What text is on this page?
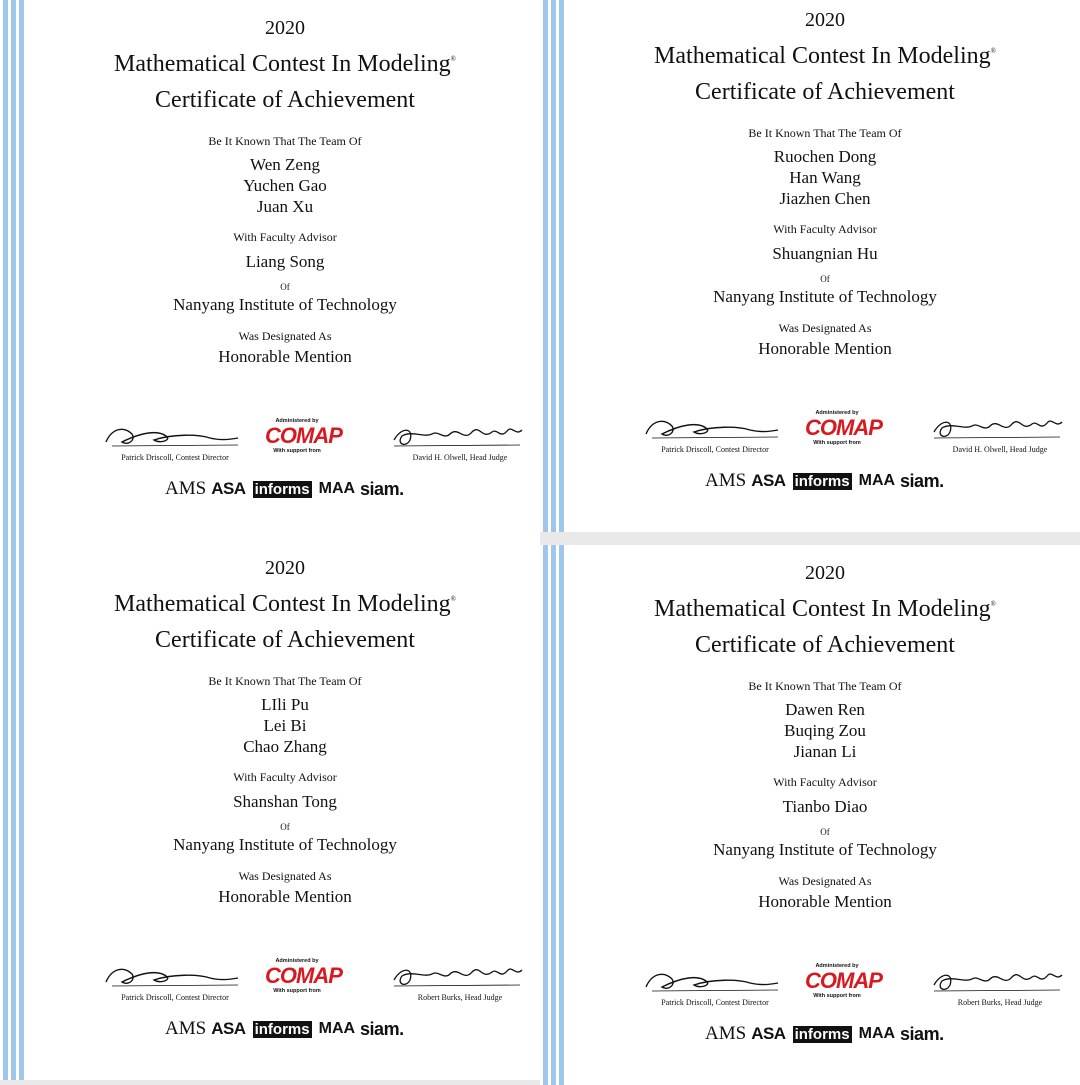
2020
Mathematical Contest In Modeling®
Certificate of Achievement
Be It Known That The Team Of
Wen Zeng
Yuchen Gao
Juan Xu
With Faculty Advisor
Liang Song
Of
Nanyang Institute of Technology
Was Designated As
Honorable Mention
Patrick Driscoll, Contest Director
Administered by
COMAP
With support from
David H. Olwell, Head Judge
AMS ASA informs MAA siam.
2020
Mathematical Contest In Modeling®
Certificate of Achievement
Be It Known That The Team Of
Ruochen Dong
Han Wang
Jiazhen Chen
With Faculty Advisor
Shuangnian Hu
Of
Nanyang Institute of Technology
Was Designated As
Honorable Mention
Patrick Driscoll, Contest Director
Administered by
COMAP
With support from
David H. Olwell, Head Judge
AMS ASA informs MAA siam.
2020
Mathematical Contest In Modeling®
Certificate of Achievement
Be It Known That The Team Of
LIli Pu
Lei Bi
Chao Zhang
With Faculty Advisor
Shanshan Tong
Of
Nanyang Institute of Technology
Was Designated As
Honorable Mention
Patrick Driscoll, Contest Director
Administered by
COMAP
With support from
Robert Burks, Head Judge
AMS ASA informs MAA siam.
2020
Mathematical Contest In Modeling®
Certificate of Achievement
Be It Known That The Team Of
Dawen Ren
Buqing Zou
Jianan Li
With Faculty Advisor
Tianbo Diao
Of
Nanyang Institute of Technology
Was Designated As
Honorable Mention
Patrick Driscoll, Contest Director
Administered by
COMAP
With support from
Robert Burks, Head Judge
AMS ASA informs MAA siam.
